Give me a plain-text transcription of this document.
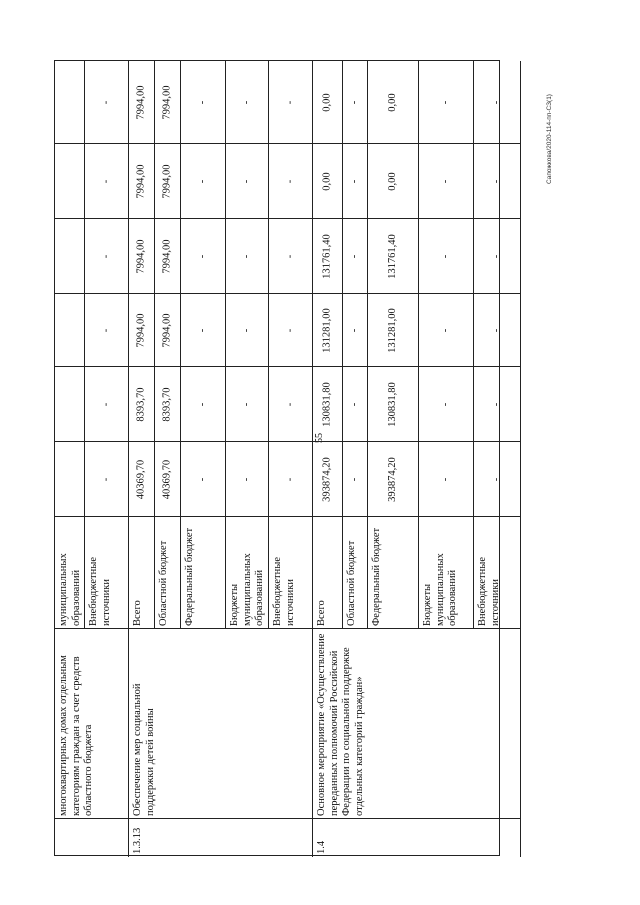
55
Сапожкова/2020-114-пп-СЗ(1)
многоквартирных домах отдельным категориям граждан за счет средств областного бюджета
муниципальных образований Внебюджетные источники
-
-
-
-
-
-
Обеспечение мер социальной поддержки детей войны
1.3.13
Всего
40369,70
8393,70
7994,00
7994,00
7994,00
7994,00
Областной бюджет
40369,70
8393,70
7994,00
7994,00
7994,00
7994,00
Федеральный бюджет
-
-
-
-
-
-
Бюджеты муниципальных образований
-
-
-
-
-
-
Внебюджетные источники
-
-
-
-
-
-
Основное мероприятие «Осуществление переданных полномочий Российской Федерации по социальной поддержке отдельных категорий граждан»
1.4
Всего
393874,20
130831,80
131281,00
131761,40
0,00
0,00
Областной бюджет
-
-
-
-
-
-
Федеральный бюджет
393874,20
130831,80
131281,00
131761,40
0,00
0,00
Бюджеты муниципальных образований
-
-
-
-
-
-
Внебюджетные источники
-
-
-
-
-
-
